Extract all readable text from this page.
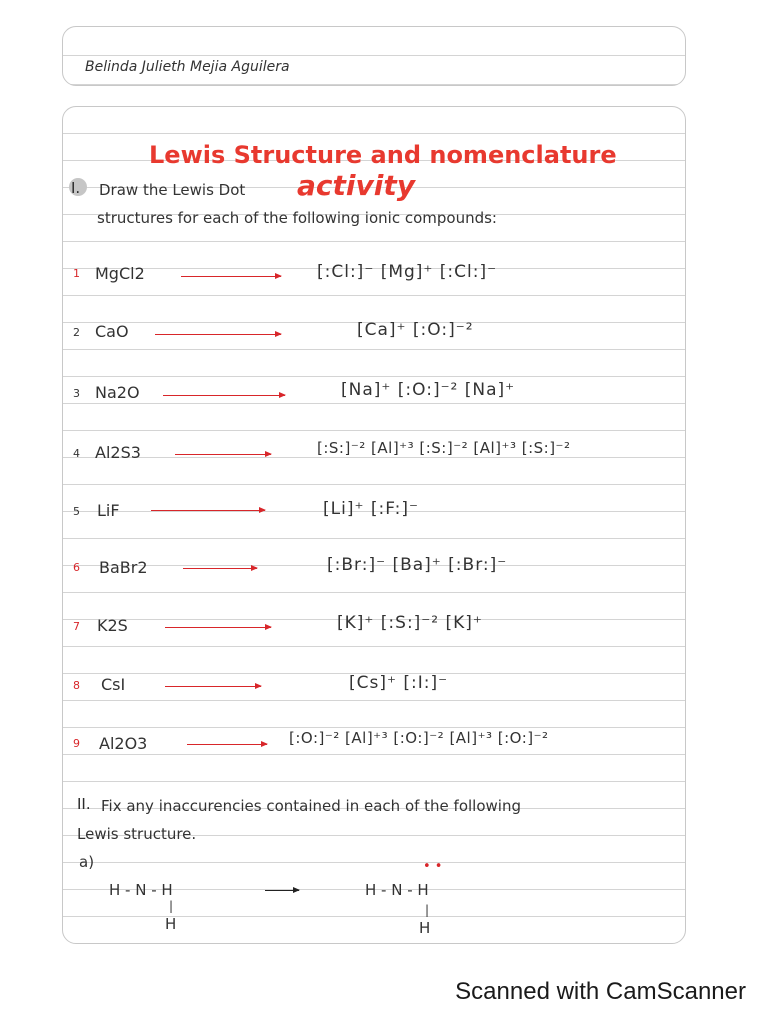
Belinda Julieth Mejia Aguilera
Lewis Structure and nomenclature
I. Draw the Lewis Dot activity
structures for each of the following ionic compounds:
1 MgCl2	[:Cl:]⁻ [Mg]⁺ [:Cl:]⁻
2 CaO	[Ca]⁺ [:O:]⁻²
3 Na2O	[Na]⁺ [:O:]⁻² [Na]⁺
4 Al2S3	[:S:]⁻² [Al]⁺³ [:S:]⁻² [Al]⁺³ [:S:]⁻²
5 LiF	[Li]⁺ [:F:]⁻
6 BaBr2	[:Br:]⁻ [Ba]⁺ [:Br:]⁻
7 K2S	[K]⁺ [:S:]⁻² [K]⁺
8 CsI	[Cs]⁺ [:I:]⁻
9 Al2O3	[:O:]⁻² [Al]⁺³ [:O:]⁻² [Al]⁺³ [:O:]⁻²
II. Fix any inaccurencies contained in each of the following
Lewis structure.
a)
H - N - H
|
H
• •
H - N - H
|
H
Scanned with CamScanner
